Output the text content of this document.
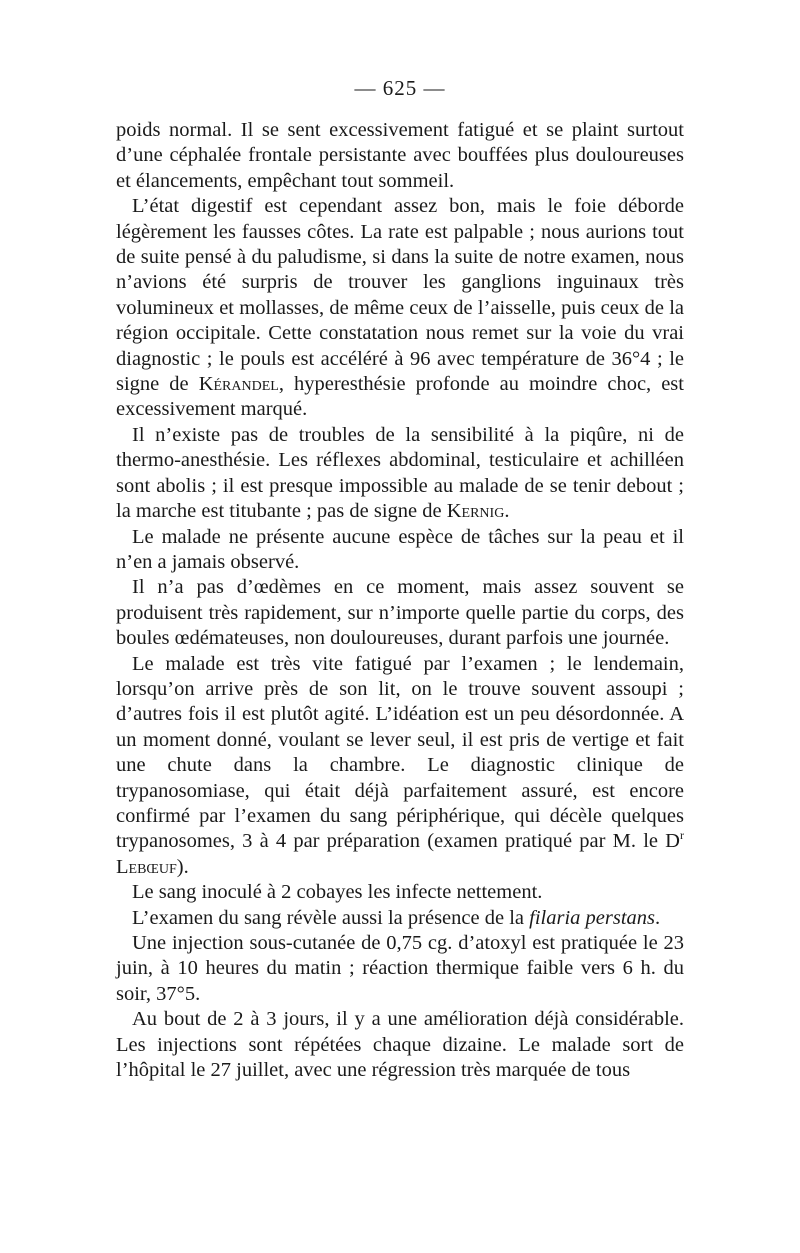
— 625 —

poids normal. Il se sent excessivement fatigué et se plaint surtout d’une céphalée frontale persistante avec bouffées plus douloureuses et élancements, empêchant tout sommeil.

L’état digestif est cependant assez bon, mais le foie déborde légèrement les fausses côtes. La rate est palpable ; nous aurions tout de suite pensé à du paludisme, si dans la suite de notre examen, nous n’avions été surpris de trouver les ganglions inguinaux très volumineux et mollasses, de même ceux de l’aisselle, puis ceux de la région occipitale. Cette constatation nous remet sur la voie du vrai diagnostic ; le pouls est accéléré à 96 avec température de 36°4 ; le signe de Kérandel, hyperesthésie profonde au moindre choc, est excessivement marqué.

Il n’existe pas de troubles de la sensibilité à la piqûre, ni de thermo-anesthésie. Les réflexes abdominal, testiculaire et achilléen sont abolis ; il est presque impossible au malade de se tenir debout ; la marche est titubante ; pas de signe de Kernig.

Le malade ne présente aucune espèce de tâches sur la peau et il n’en a jamais observé.

Il n’a pas d’œdèmes en ce moment, mais assez souvent se produisent très rapidement, sur n’importe quelle partie du corps, des boules œdémateuses, non douloureuses, durant parfois une journée.

Le malade est très vite fatigué par l’examen ; le lendemain, lorsqu’on arrive près de son lit, on le trouve souvent assoupi ; d’autres fois il est plutôt agité. L’idéation est un peu désordonnée. A un moment donné, voulant se lever seul, il est pris de vertige et fait une chute dans la chambre. Le diagnostic clinique de trypanosomiase, qui était déjà parfaitement assuré, est encore confirmé par l’examen du sang périphérique, qui décèle quelques trypanosomes, 3 à 4 par préparation (examen pratiqué par M. le $D^r$ Lebœuf).

Le sang inoculé à 2 cobayes les infecte nettement.

L’examen du sang révèle aussi la présence de la filaria perstans.

Une injection sous-cutanée de 0,75 cg. d’atoxyl est pratiquée le 23 juin, à 10 heures du matin ; réaction thermique faible vers 6 h. du soir, 37°5.

Au bout de 2 à 3 jours, il y a une amélioration déjà considérable. Les injections sont répétées chaque dizaine. Le malade sort de l’hôpital le 27 juillet, avec une régression très marquée de tous
